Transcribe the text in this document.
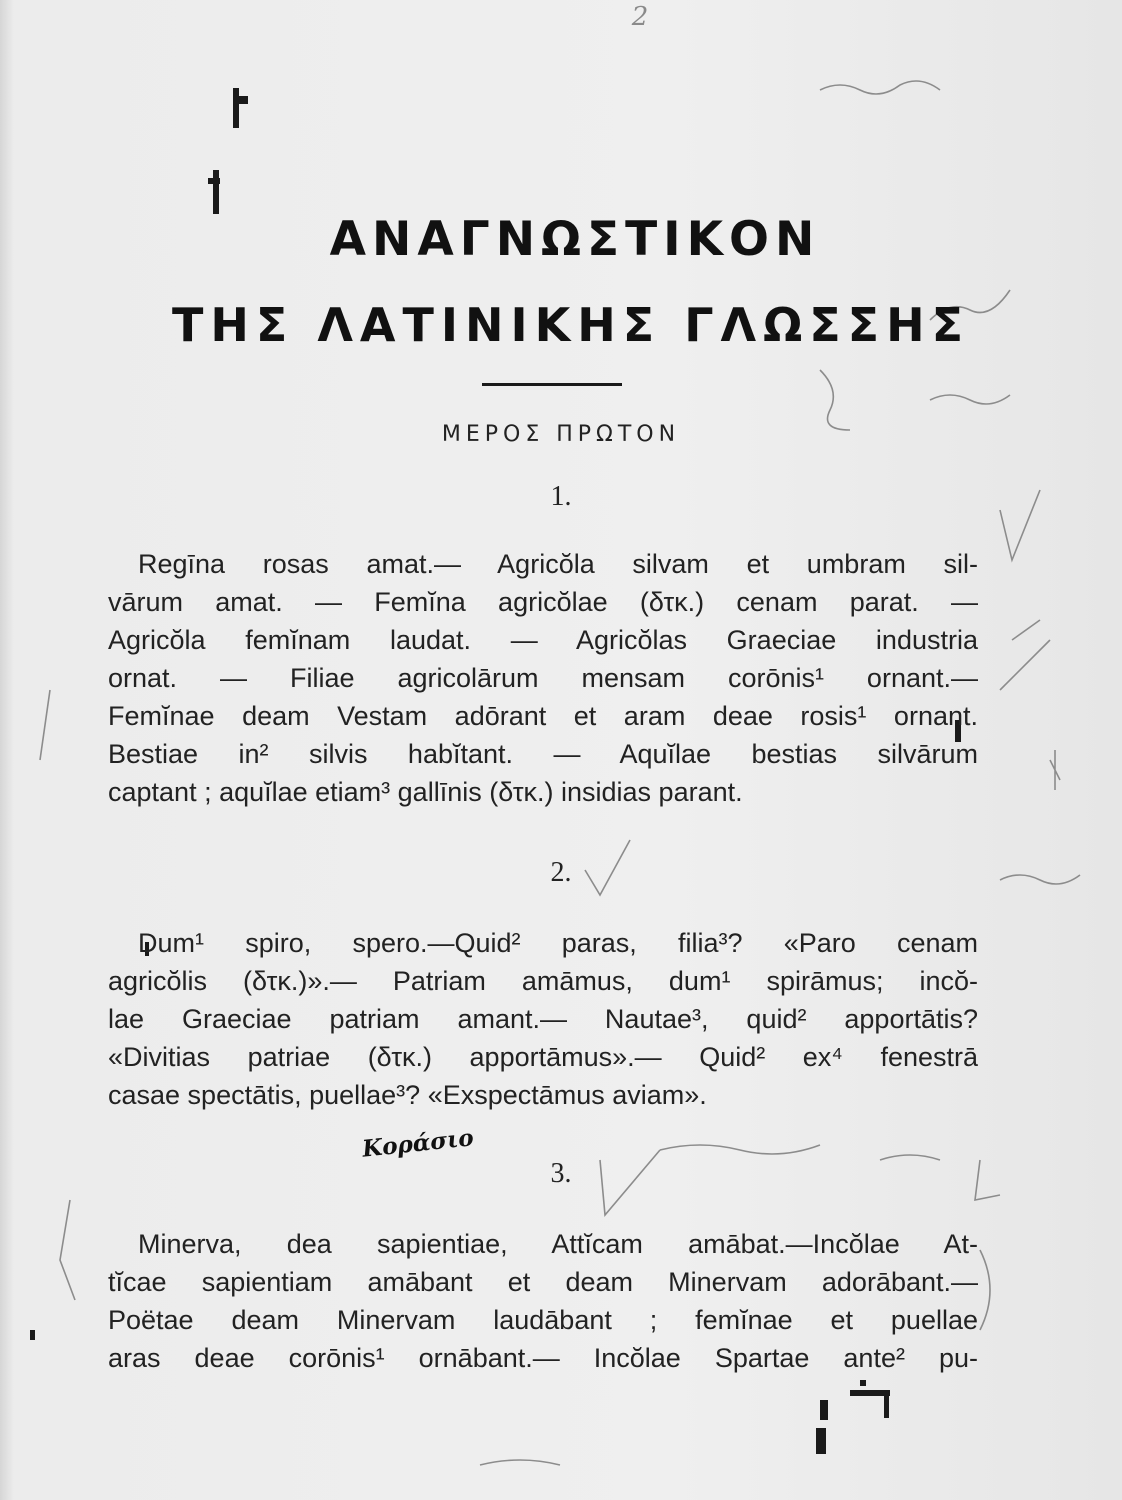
2
ΑΝΑΓΝΩΣΤΙΚΟΝ
ΤΗΣ ΛΑΤΙΝΙΚΗΣ ΓΛΩΣΣΗΣ
ΜΕΡΟΣ ΠΡΩΤΟΝ
1.
Regīna rosas amat.— Agricŏla silvam et umbram sil-
vārum amat. — Femĭna agricŏlae (δτκ.) cenam parat. —
Agricŏla femĭnam laudat. — Agricŏlas Graeciae industria
ornat. — Filiae agricolārum mensam corōnis¹ ornant.—
Femĭnae deam Vestam adōrant et aram deae rosis¹ ornant.
Bestiae in² silvis habĭtant. — Aquĭlae bestias silvārum
captant ; aquĭlae etiam³ gallīnis (δτκ.) insidias parant.
2.
Dum¹ spiro, spero.—Quid² paras, filia³? «Paro cenam
agricŏlis (δτκ.)».— Patriam amāmus, dum¹ spirāmus; incŏ-
lae Graeciae patriam amant.— Nautae³, quid² apportātis?
«Divitias patriae (δτκ.) apportāmus».— Quid² ex⁴ fenestrā
casae spectātis, puellae³? «Exspectāmus aviam».
Κοράσιο
3.
Minerva, dea sapientiae, Attĭcam amābat.—Incŏlae At-
tĭcae sapientiam amābant et deam Minervam adorābant.—
Poëtae deam Minervam laudābant ; femĭnae et puellae
aras deae corōnis¹ ornābant.— Incŏlae Spartae ante² pu-
